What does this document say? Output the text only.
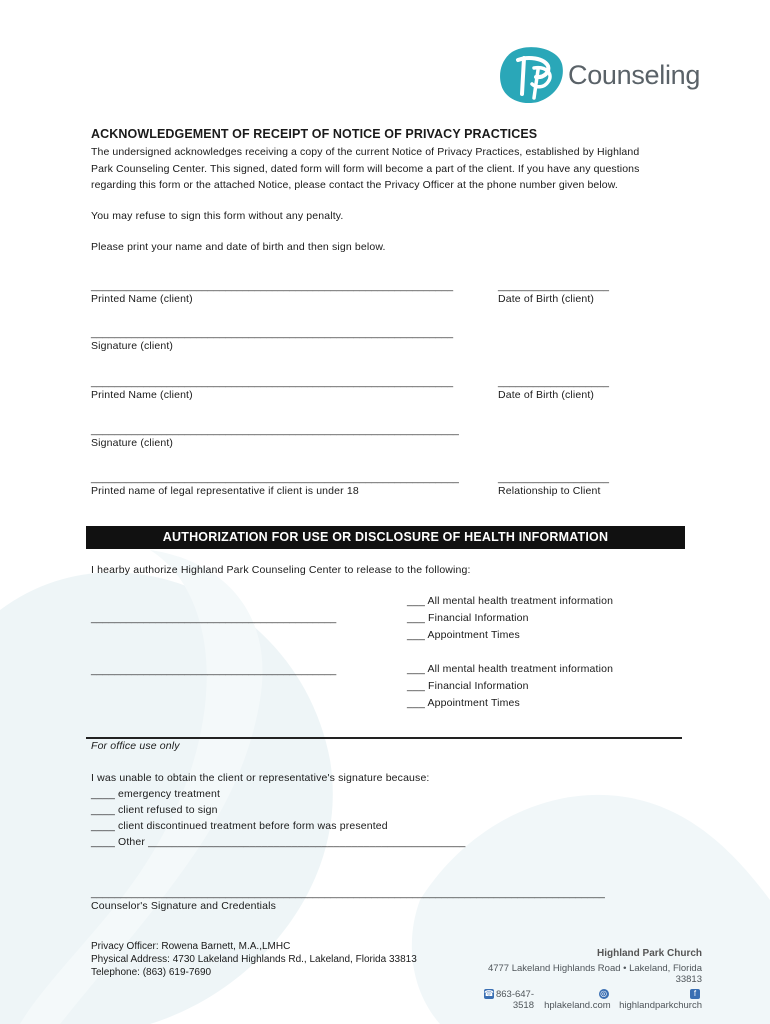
Counseling
ACKNOWLEDGEMENT OF RECEIPT OF NOTICE OF PRIVACY PRACTICES
The undersigned acknowledges receiving a copy of the current Notice of Privacy Practices, established by Highland
Park Counseling Center. This signed, dated form will form will become a part of the client. If you have any questions
regarding this form or the attached Notice, please contact the Privacy Officer at the phone number given below.
You may refuse to sign this form without any penalty.
Please print your name and date of birth and then sign below.
______________________________________________________________	___________________
Printed Name (client)	Date of Birth (client)
______________________________________________________________
Signature (client)
______________________________________________________________	___________________
Printed Name (client)	Date of Birth (client)
_______________________________________________________________
Signature (client)
_______________________________________________________________	___________________
Printed name of legal representative if client is under 18	Relationship to Client
AUTHORIZATION FOR USE OR DISCLOSURE OF HEALTH INFORMATION
I hearby authorize Highland Park Counseling Center to release to the following:
__________________________________________
___ All mental health treatment information
___ Financial Information
___ Appointment Times
__________________________________________	___ All mental health treatment information
___ Financial Information
___ Appointment Times
For office use only
I was unable to obtain the client or representative's signature because:
____ emergency treatment
____ client refused to sign
____ client discontinued treatment before form was presented
____ Other _____________________________________________________
________________________________________________________________________________________
Counselor's Signature and Credentials
Privacy Officer: Rowena Barnett, M.A.,LMHC
Physical Address: 4730 Lakeland Highlands Rd., Lakeland, Florida 33813
Telephone: (863) 619-7690
Highland Park Church
4777 Lakeland Highlands Road • Lakeland, Florida 33813
☎ 863-647-3518
◎hplakeland.com
fhighlandparkchurch
